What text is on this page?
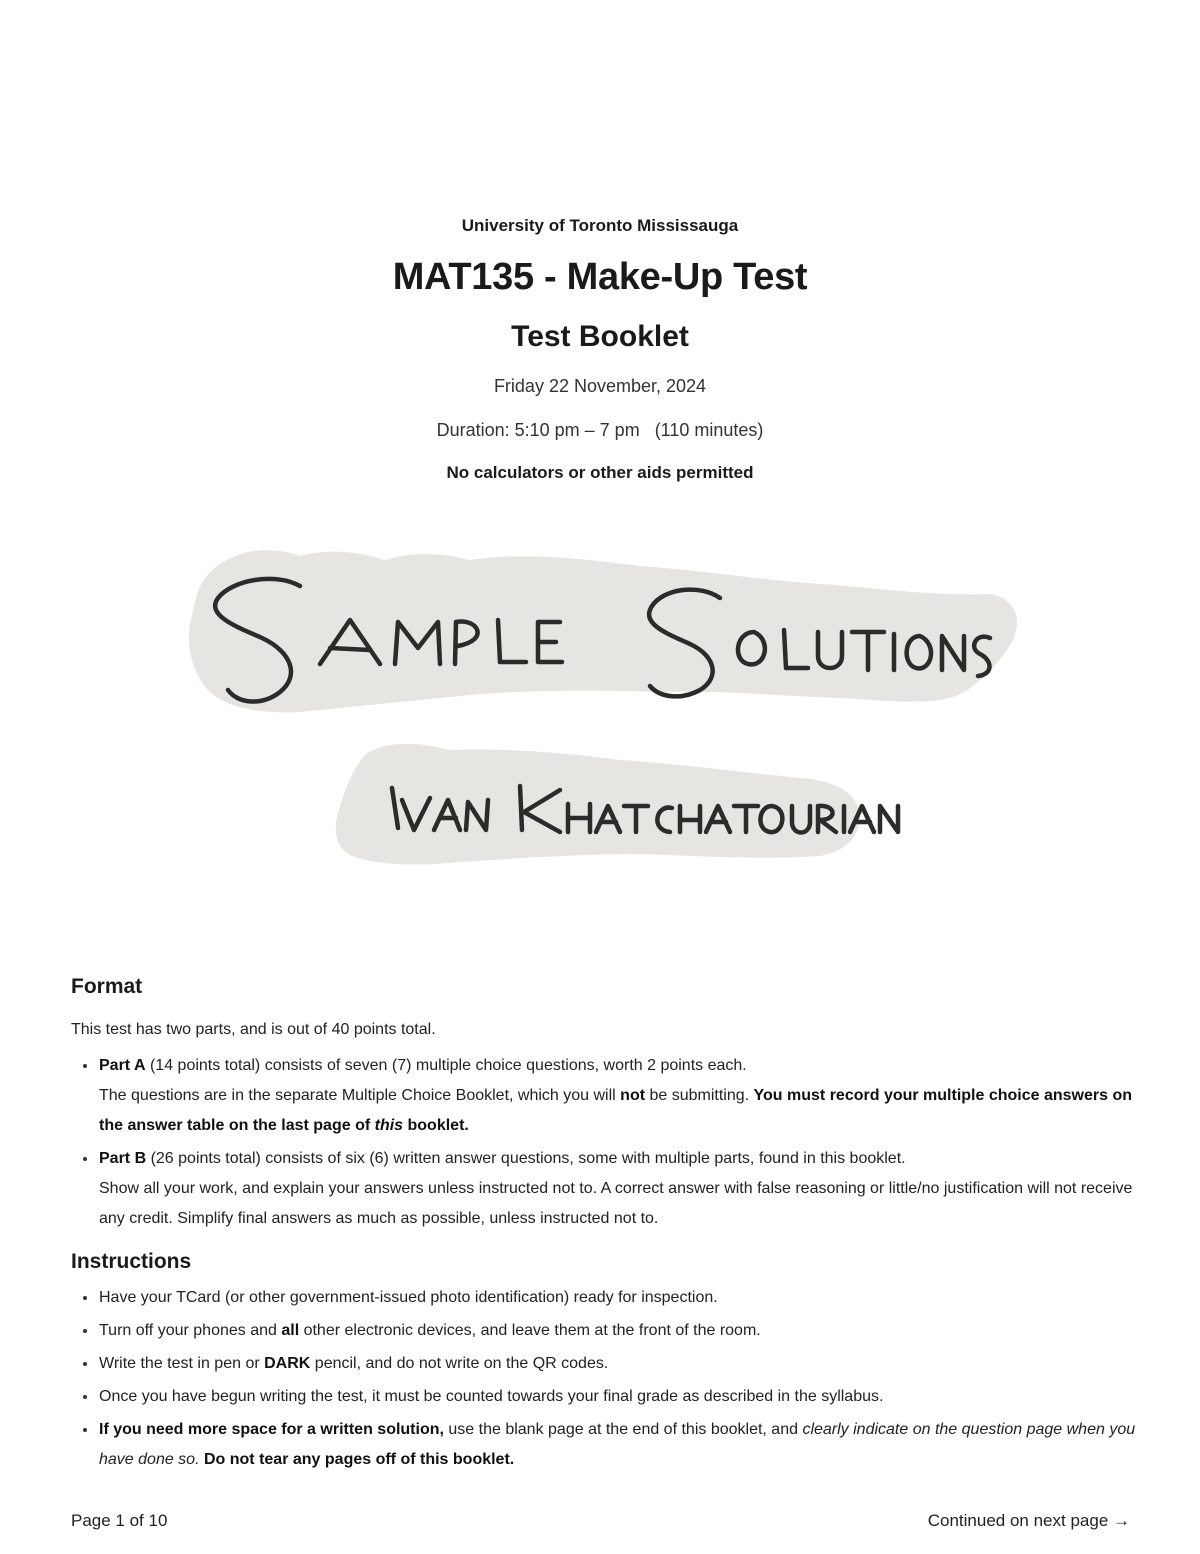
University of Toronto Mississauga
MAT135 - Make-Up Test
Test Booklet
Friday 22 November, 2024
Duration: 5:10 pm – 7 pm   (110 minutes)
No calculators or other aids permitted
Format
This test has two parts, and is out of 40 points total.
Part A (14 points total) consists of seven (7) multiple choice questions, worth 2 points each.
The questions are in the separate Multiple Choice Booklet, which you will not be submitting. You must record your multiple choice answers on the answer table on the last page of this booklet.
Part B (26 points total) consists of six (6) written answer questions, some with multiple parts, found in this booklet.
Show all your work, and explain your answers unless instructed not to. A correct answer with false reasoning or little/no justification will not receive any credit. Simplify final answers as much as possible, unless instructed not to.
Instructions
Have your TCard (or other government-issued photo identification) ready for inspection.
Turn off your phones and all other electronic devices, and leave them at the front of the room.
Write the test in pen or DARK pencil, and do not write on the QR codes.
Once you have begun writing the test, it must be counted towards your final grade as described in the syllabus.
If you need more space for a written solution, use the blank page at the end of this booklet, and clearly indicate on the question page when you have done so. Do not tear any pages off of this booklet.
Page 1 of 10	Continued on next page →
